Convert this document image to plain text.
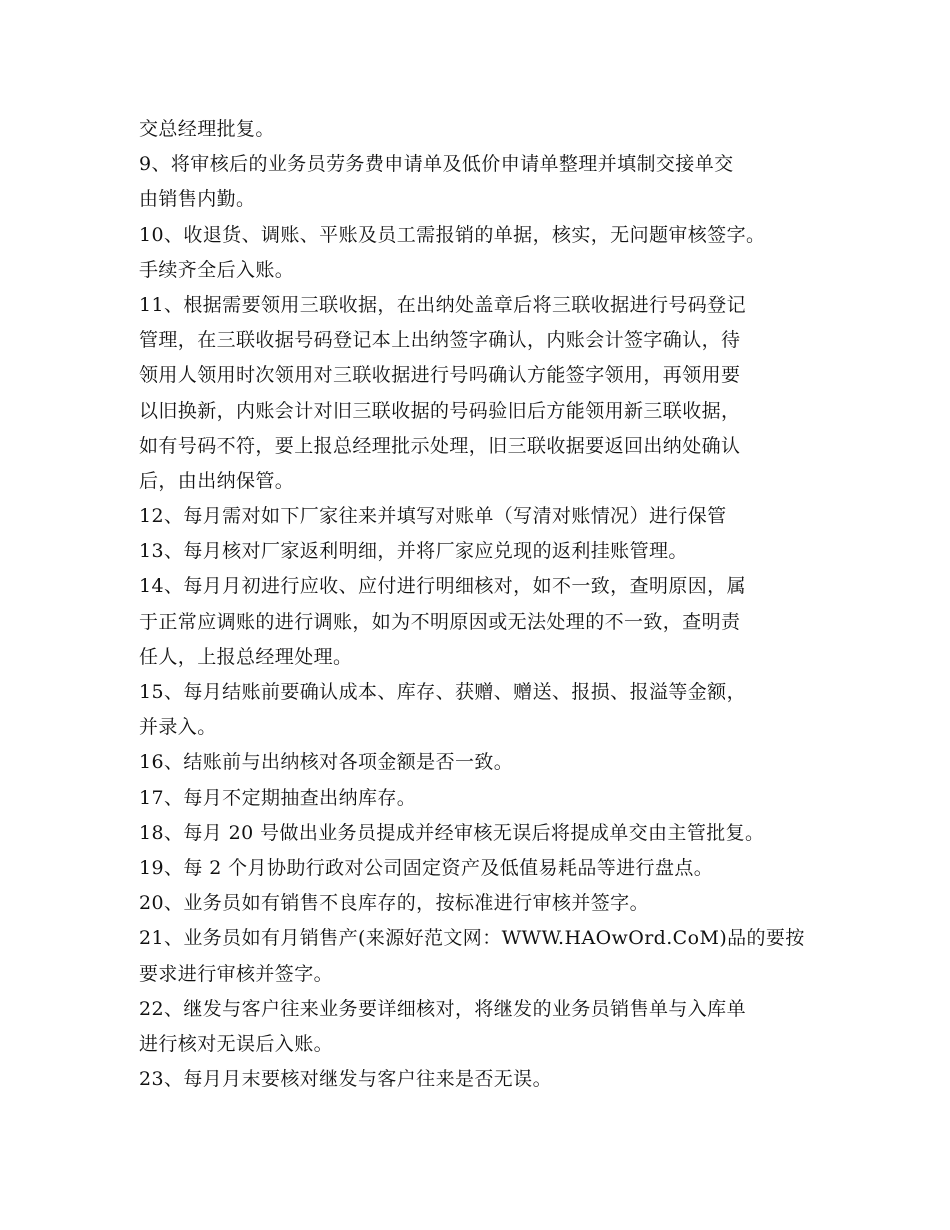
交总经理批复。
9、将审核后的业务员劳务费申请单及低价申请单整理并填制交接单交
由销售内勤。
10、收退货、调账、平账及员工需报销的单据，核实，无问题审核签字。
手续齐全后入账。
11、根据需要领用三联收据，在出纳处盖章后将三联收据进行号码登记
管理，在三联收据号码登记本上出纳签字确认，内账会计签字确认，待
领用人领用时次领用对三联收据进行号吗确认方能签字领用，再领用要
以旧换新，内账会计对旧三联收据的号码验旧后方能领用新三联收据，
如有号码不符，要上报总经理批示处理，旧三联收据要返回出纳处确认
后，由出纳保管。
12、每月需对如下厂家往来并填写对账单（写清对账情况）进行保管
13、每月核对厂家返利明细，并将厂家应兑现的返利挂账管理。
14、每月月初进行应收、应付进行明细核对，如不一致，查明原因，属
于正常应调账的进行调账，如为不明原因或无法处理的不一致，查明责
任人，上报总经理处理。
15、每月结账前要确认成本、库存、获赠、赠送、报损、报溢等金额，
并录入。
16、结账前与出纳核对各项金额是否一致。
17、每月不定期抽查出纳库存。
18、每月 20 号做出业务员提成并经审核无误后将提成单交由主管批复。
19、每 2 个月协助行政对公司固定资产及低值易耗品等进行盘点。
20、业务员如有销售不良库存的，按标准进行审核并签字。
21、业务员如有月销售产(来源好范文网：WWW.HAOwOrd.CoM)品的要按
要求进行审核并签字。
22、继发与客户往来业务要详细核对，将继发的业务员销售单与入库单
进行核对无误后入账。
23、每月月末要核对继发与客户往来是否无误。
